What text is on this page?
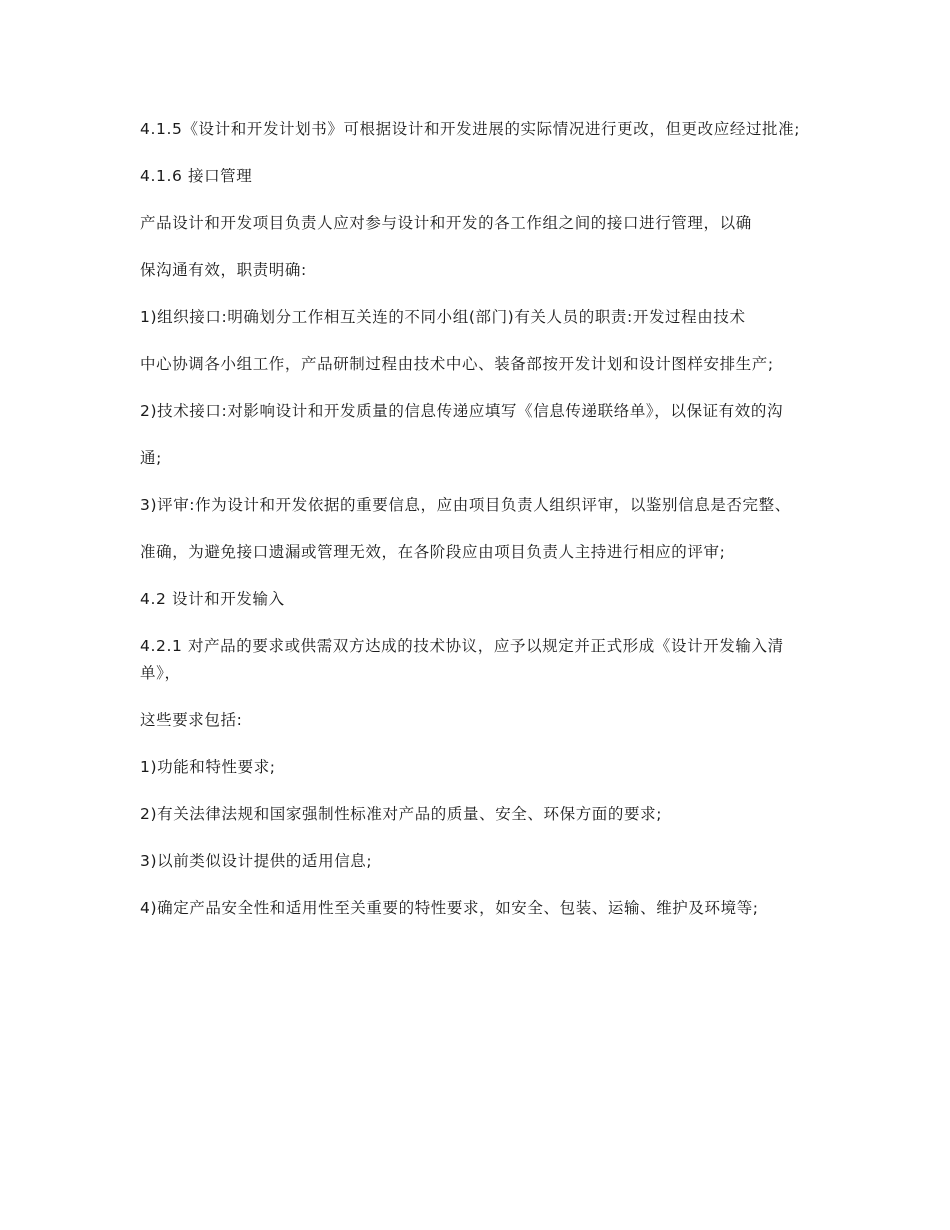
4.1.5《设计和开发计划书》可根据设计和开发进展的实际情况进行更改，但更改应经过批准;

4.1.6 接口管理

产品设计和开发项目负责人应对参与设计和开发的各工作组之间的接口进行管理，以确

保沟通有效，职责明确:

1)组织接口:明确划分工作相互关连的不同小组(部门)有关人员的职责:开发过程由技术

中心协调各小组工作，产品研制过程由技术中心、装备部按开发计划和设计图样安排生产;

2)技术接口:对影响设计和开发质量的信息传递应填写《信息传递联络单》，以保证有效的沟

通;

3)评审:作为设计和开发依据的重要信息，应由项目负责人组织评审，以鉴别信息是否完整、

准确，为避免接口遗漏或管理无效，在各阶段应由项目负责人主持进行相应的评审;

4.2 设计和开发输入

4.2.1 对产品的要求或供需双方达成的技术协议，应予以规定并正式形成《设计开发输入清单》，

这些要求包括:

1)功能和特性要求;

2)有关法律法规和国家强制性标准对产品的质量、安全、环保方面的要求;

3)以前类似设计提供的适用信息;

4)确定产品安全性和适用性至关重要的特性要求，如安全、包装、运输、维护及环境等;
